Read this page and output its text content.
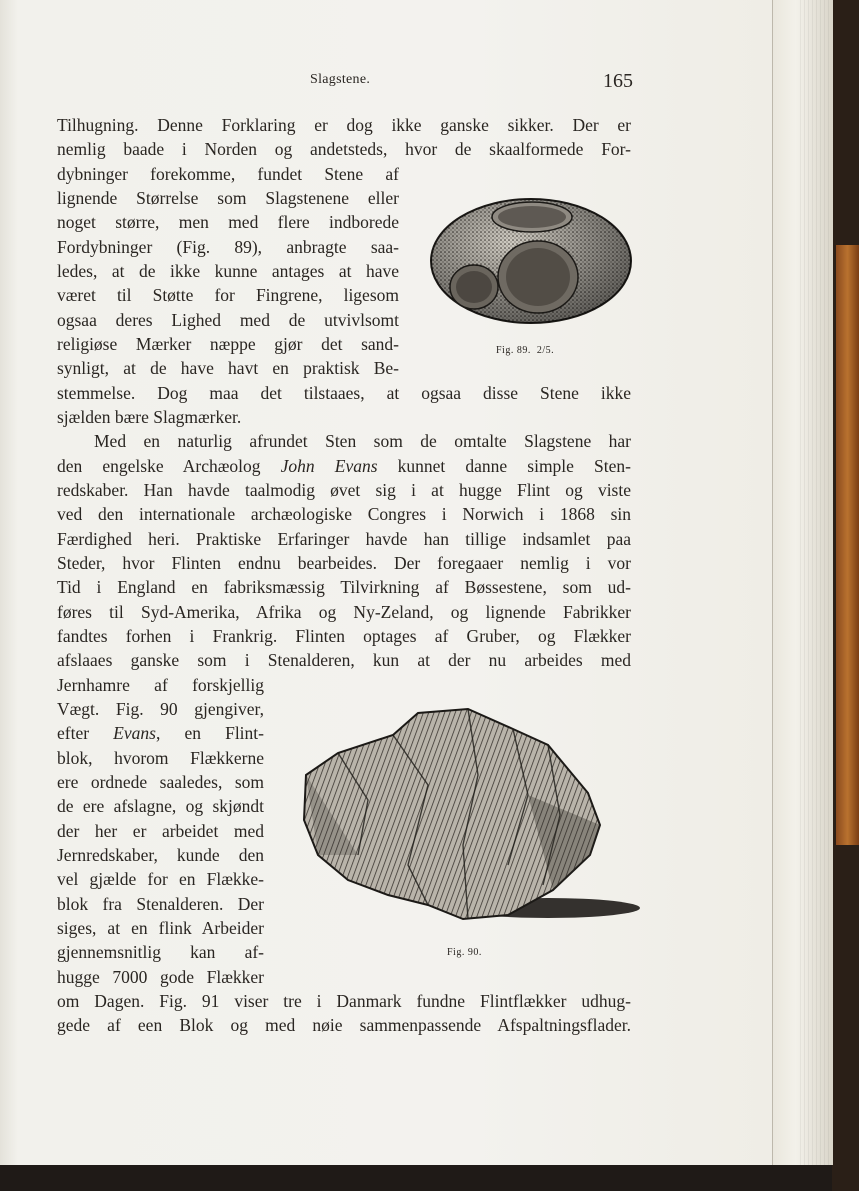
Slagstene.	165
Tilhugning. Denne Forklaring er dog ikke ganske sikker. Der er
nemlig baade i Norden og andetsteds, hvor de skaalformede For-
dybninger forekomme, fundet Stene af
lignende Størrelse som Slagstenene eller
noget større, men med flere indborede
Fordybninger (Fig. 89), anbragte saa-
ledes, at de ikke kunne antages at have
været til Støtte for Fingrene, ligesom
ogsaa deres Lighed med de utvivlsomt
religiøse Mærker næppe gjør det sand-
synligt, at de have havt en praktisk Be-
stemmelse. Dog maa det tilstaaes, at ogsaa disse Stene ikke
sjælden bære Slagmærker.
Med en naturlig afrundet Sten som de omtalte Slagstene har
den engelske Archæolog John Evans kunnet danne simple Sten-
redskaber. Han havde taalmodig øvet sig i at hugge Flint og viste
ved den internationale archæologiske Congres i Norwich i 1868 sin
Færdighed heri. Praktiske Erfaringer havde han tillige indsamlet paa
Steder, hvor Flinten endnu bearbeides. Der foregaaer nemlig i vor
Tid i England en fabriksmæssig Tilvirkning af Bøssestene, som ud-
føres til Syd-Amerika, Afrika og Ny-Zeland, og lignende Fabrikker
fandtes forhen i Frankrig. Flinten optages af Gruber, og Flækker
afslaaes ganske som i Stenalderen, kun at der nu arbeides med
Jernhamre af forskjellig
Vægt. Fig. 90 gjengiver,
efter Evans, en Flint-
blok, hvorom Flækkerne
ere ordnede saaledes, som
de ere afslagne, og skjøndt
der her er arbeidet med
Jernredskaber, kunde den
vel gjælde for en Flække-
blok fra Stenalderen. Der
siges, at en flink Arbeider
gjennemsnitlig kan af-
hugge 7000 gode Flækker
om Dagen. Fig. 91 viser tre i Danmark fundne Flintflækker udhug-
gede af een Blok og med nøie sammenpassende Afspaltningsflader.
Fig. 89. 2/5.
Fig. 90.
